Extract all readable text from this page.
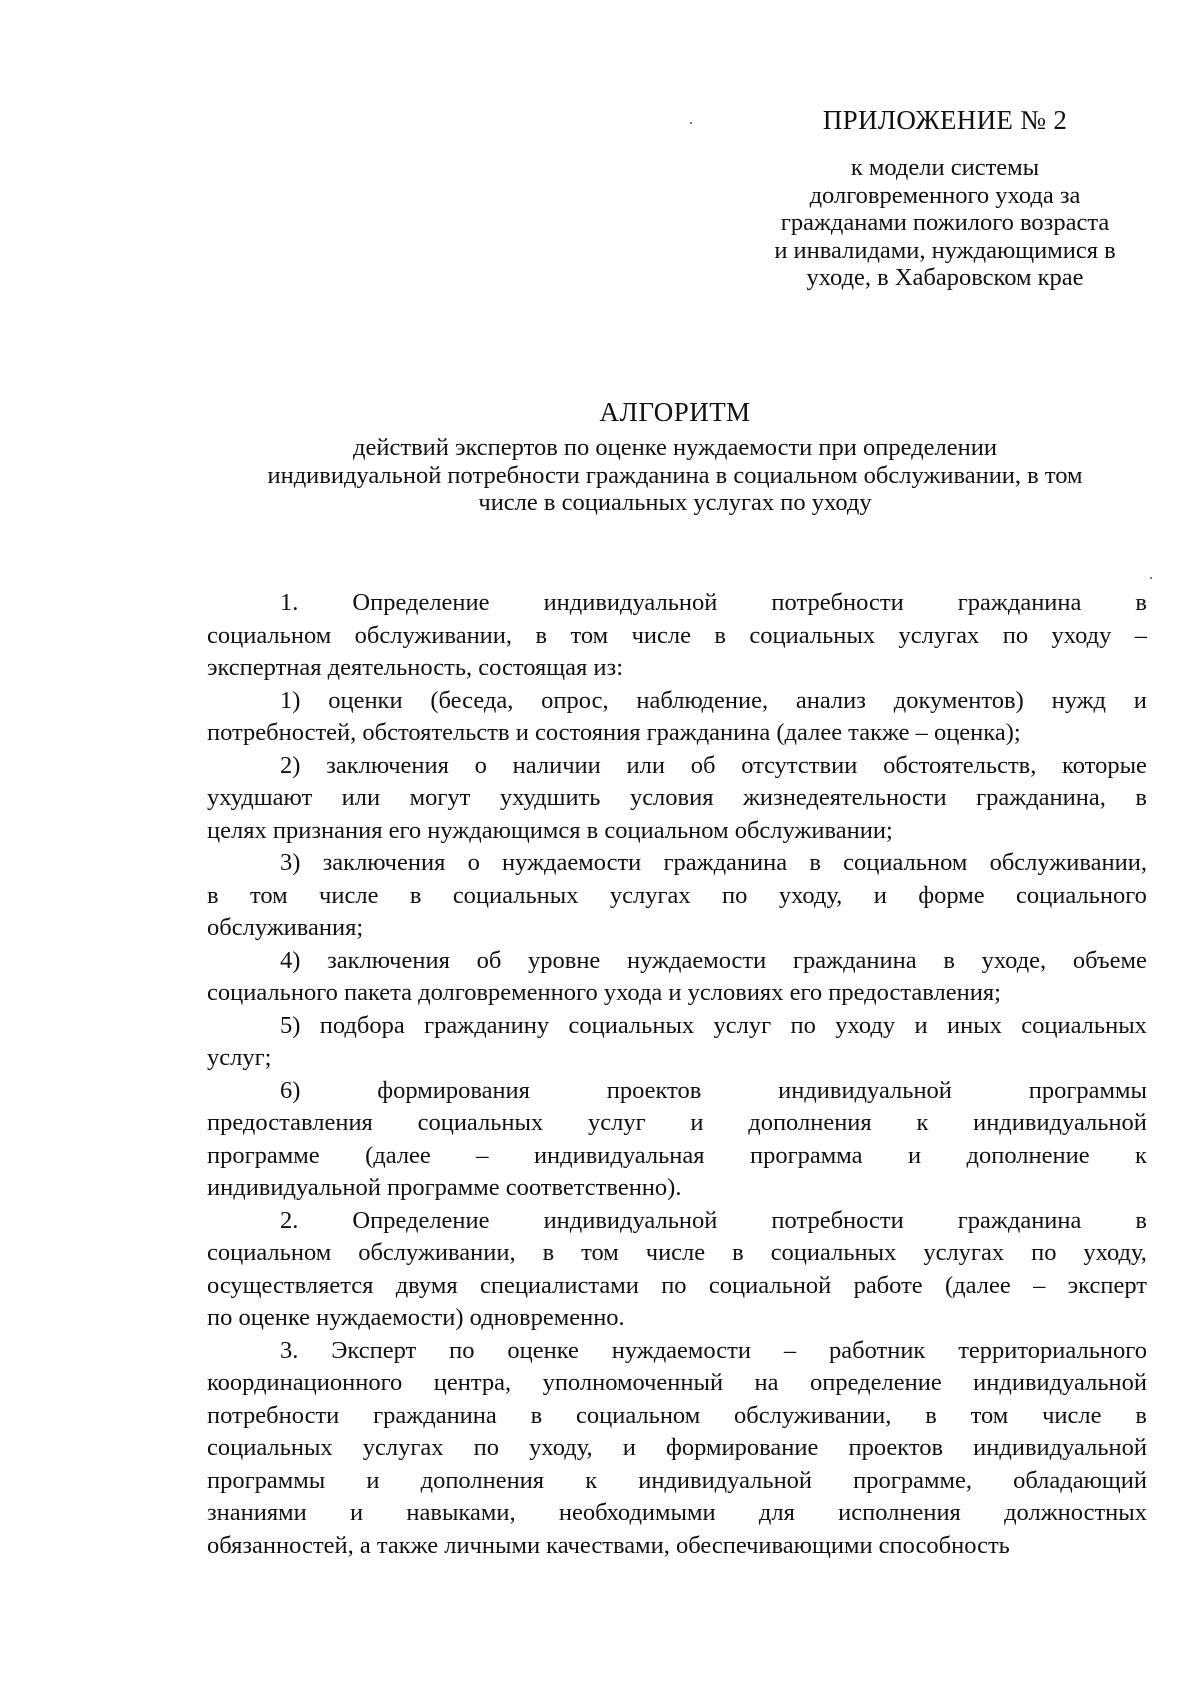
ПРИЛОЖЕНИЕ № 2
к модели системы
долговременного ухода за
гражданами пожилого возраста
и инвалидами, нуждающимися в
уходе, в Хабаровском крае
АЛГОРИТМ
действий экспертов по оценке нуждаемости при определении
индивидуальной потребности гражданина в социальном обслуживании, в том
числе в социальных услугах по уходу
1. Определение индивидуальной потребности гражданина в
социальном обслуживании, в том числе в социальных услугах по уходу –
экспертная деятельность, состоящая из:
1) оценки (беседа, опрос, наблюдение, анализ документов) нужд и
потребностей, обстоятельств и состояния гражданина (далее также – оценка);
2) заключения о наличии или об отсутствии обстоятельств, которые
ухудшают или могут ухудшить условия жизнедеятельности гражданина, в
целях признания его нуждающимся в социальном обслуживании;
3) заключения о нуждаемости гражданина в социальном обслуживании,
в том числе в социальных услугах по уходу, и форме социального
обслуживания;
4) заключения об уровне нуждаемости гражданина в уходе, объеме
социального пакета долговременного ухода и условиях его предоставления;
5) подбора гражданину социальных услуг по уходу и иных социальных
услуг;
6)	формирования	проектов	индивидуальной	программы
предоставления социальных услуг и дополнения к индивидуальной
программе (далее – индивидуальная программа и дополнение к
индивидуальной программе соответственно).
2. Определение индивидуальной потребности гражданина в
социальном обслуживании, в том числе в социальных услугах по уходу,
осуществляется двумя специалистами по социальной работе (далее – эксперт
по оценке нуждаемости) одновременно.
3. Эксперт по оценке нуждаемости – работник территориального
координационного центра, уполномоченный на определение индивидуальной
потребности гражданина в социальном обслуживании, в том числе в
социальных услугах по уходу, и формирование проектов индивидуальной
программы и дополнения к индивидуальной программе, обладающий
знаниями и навыками, необходимыми для исполнения должностных
обязанностей, а также личными качествами, обеспечивающими способность
